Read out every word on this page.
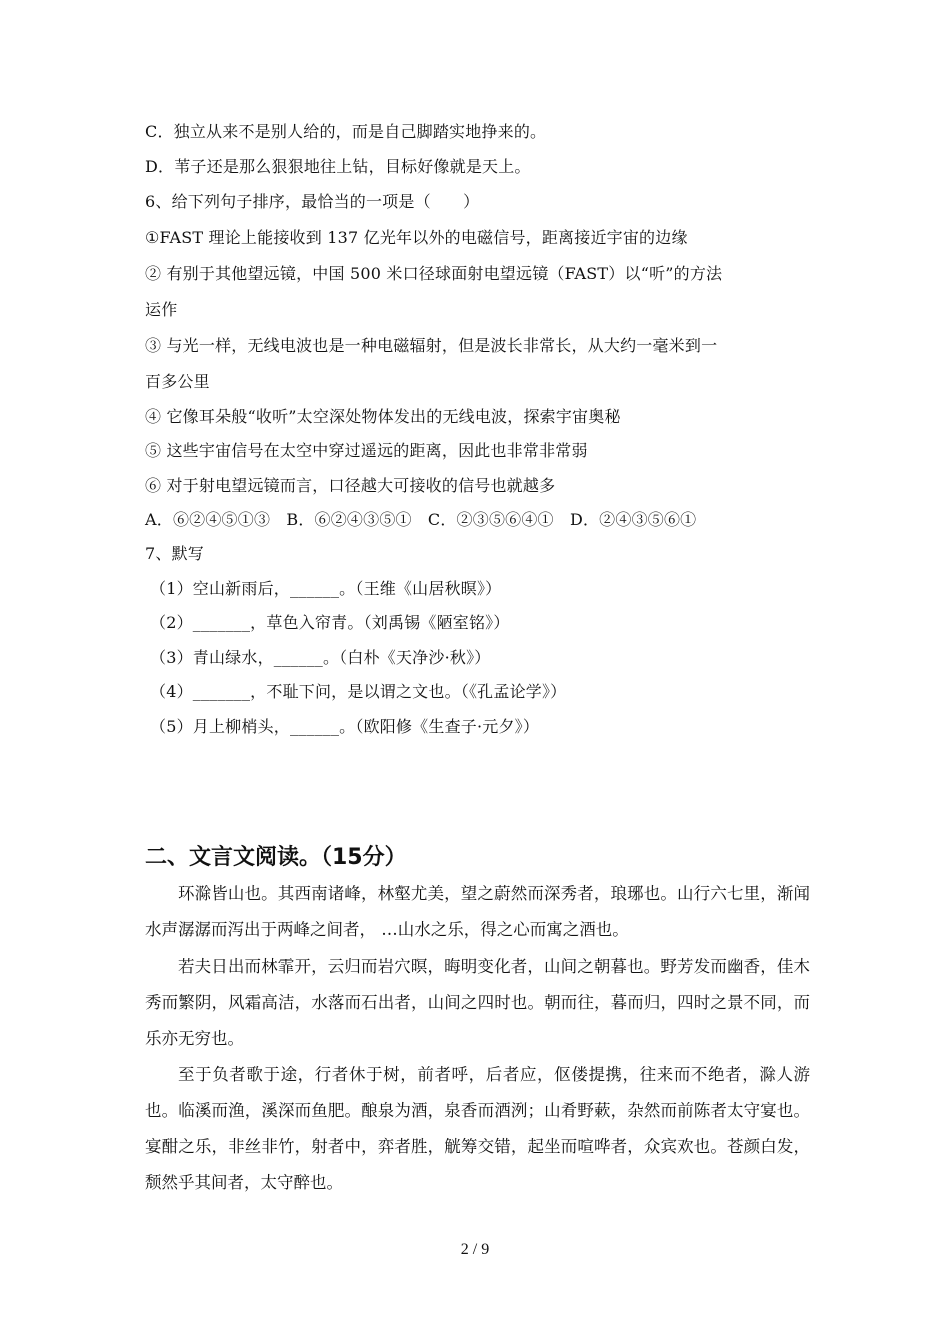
C．独立从来不是别人给的，而是自己脚踏实地挣来的。
D．苇子还是那么狠狠地往上钻，目标好像就是天上。
6、给下列句子排序，最恰当的一项是（　　）
①FAST 理论上能接收到 137 亿光年以外的电磁信号，距离接近宇宙的边缘
② 有别于其他望远镜，中国 500 米口径球面射电望远镜（FAST）以“听”的方法
运作
③ 与光一样，无线电波也是一种电磁辐射，但是波长非常长，从大约一毫米到一
百多公里
④ 它像耳朵般“收听”太空深处物体发出的无线电波，探索宇宙奥秘
⑤ 这些宇宙信号在太空中穿过遥远的距离，因此也非常非常弱
⑥ 对于射电望远镜而言，口径越大可接收的信号也就越多
A．⑥②④⑤①③　B．⑥②④③⑤①　C．②③⑤⑥④①　D．②④③⑤⑥①
7、默写
（1）空山新雨后，______。（王维《山居秋暝》）
（2）_______，草色入帘青。（刘禹锡《陋室铭》）
（3）青山绿水，______。（白朴《天净沙·秋》）
（4）_______，不耻下问，是以谓之文也。（《孔孟论学》）
（5）月上柳梢头，______。（欧阳修《生查子·元夕》）
二、文言文阅读。（15分）
环滁皆山也。其西南诸峰，林壑尤美，望之蔚然而深秀者，琅琊也。山行六七里，渐闻水声潺潺而泻出于两峰之间者， …山水之乐，得之心而寓之酒也。
若夫日出而林霏开，云归而岩穴暝，晦明变化者，山间之朝暮也。野芳发而幽香，佳木秀而繁阴，风霜高洁，水落而石出者，山间之四时也。朝而往，暮而归，四时之景不同，而乐亦无穷也。
至于负者歌于途，行者休于树，前者呼，后者应，伛偻提携，往来而不绝者，滁人游也。临溪而渔，溪深而鱼肥。酿泉为酒，泉香而酒洌；山肴野蔌，杂然而前陈者太守宴也。宴酣之乐，非丝非竹，射者中，弈者胜，觥筹交错，起坐而喧哗者，众宾欢也。苍颜白发，颓然乎其间者，太守醉也。
2 / 9
